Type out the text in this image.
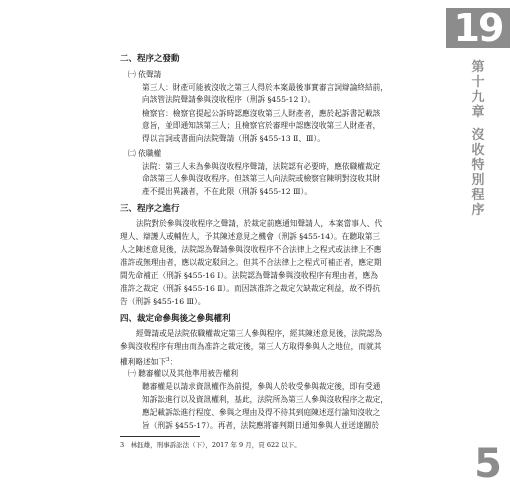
19
第十九章
沒收特別程序
二、程序之發動
㈠ 依聲請
第三人：財產可能被沒收之第三人得於本案最後事實審言詞辯論終結前，
向該管法院聲請參與沒收程序（刑訴 §455-12 Ⅰ）。
檢察官：檢察官提起公訴時認應沒收第三人財產者，應於起訴書記載該
意旨，並即通知該第三人；且檢察官於審理中認應沒收第三人財產者，
得以言詞或書面向法院聲請（刑訴 §455-13 Ⅱ、Ⅲ）。
㈡ 依職權
法院：第三人未為參與沒收程序聲請，法院認有必要時，應依職權裁定
命該第三人參與沒收程序。但該第三人向法院或檢察官陳明對沒收其財
產不提出異議者，不在此限（刑訴 §455-12 Ⅲ）。
三、程序之進行
法院對於參與沒收程序之聲請，於裁定前應通知聲請人，本案當事人、代
理人、辯護人或輔佐人，予其陳述意見之機會（刑訴 §455-14）。在聽取第三
人之陳述意見後，法院認為聲請參與沒收程序不合法律上之程式或法律上不應
准許或無理由者，應以裁定駁回之。但其不合法律上之程式可補正者，應定期
間先命補正（刑訴 §455-16 Ⅰ）。法院認為聲請參與沒收程序有理由者，應為
准許之裁定（刑訴 §455-16 Ⅱ）。而因該准許之裁定欠缺裁定利益，故不得抗
告（刑訴 §455-16 Ⅲ）。
四、裁定命參與後之參與權利
經聲請或是法院依職權裁定第三人參與程序，經其陳述意見後，法院認為
參與沒收程序有理由而為准許之裁定後，第三人方取得參與人之地位，而就其
權利略述如下$^3$：
㈠ 聽審權以及其他準用被告權利
聽審權是以請求資訊權作為前提，參與人於收受參與裁定後，即有受通
知訴訟進行以及資訊權利，基此，法院所為第三人參與沒收程序之裁定，
應記載訴訟進行程度、參與之理由及得不待其到庭陳述逕行諭知沒收之
旨（刑訴 §455-17）。再者，法院應將審判期日通知參與人並送達關於
3　林鈺雄，刑事訴訟法（下），2017 年 9 月，頁 622 以下。	5
